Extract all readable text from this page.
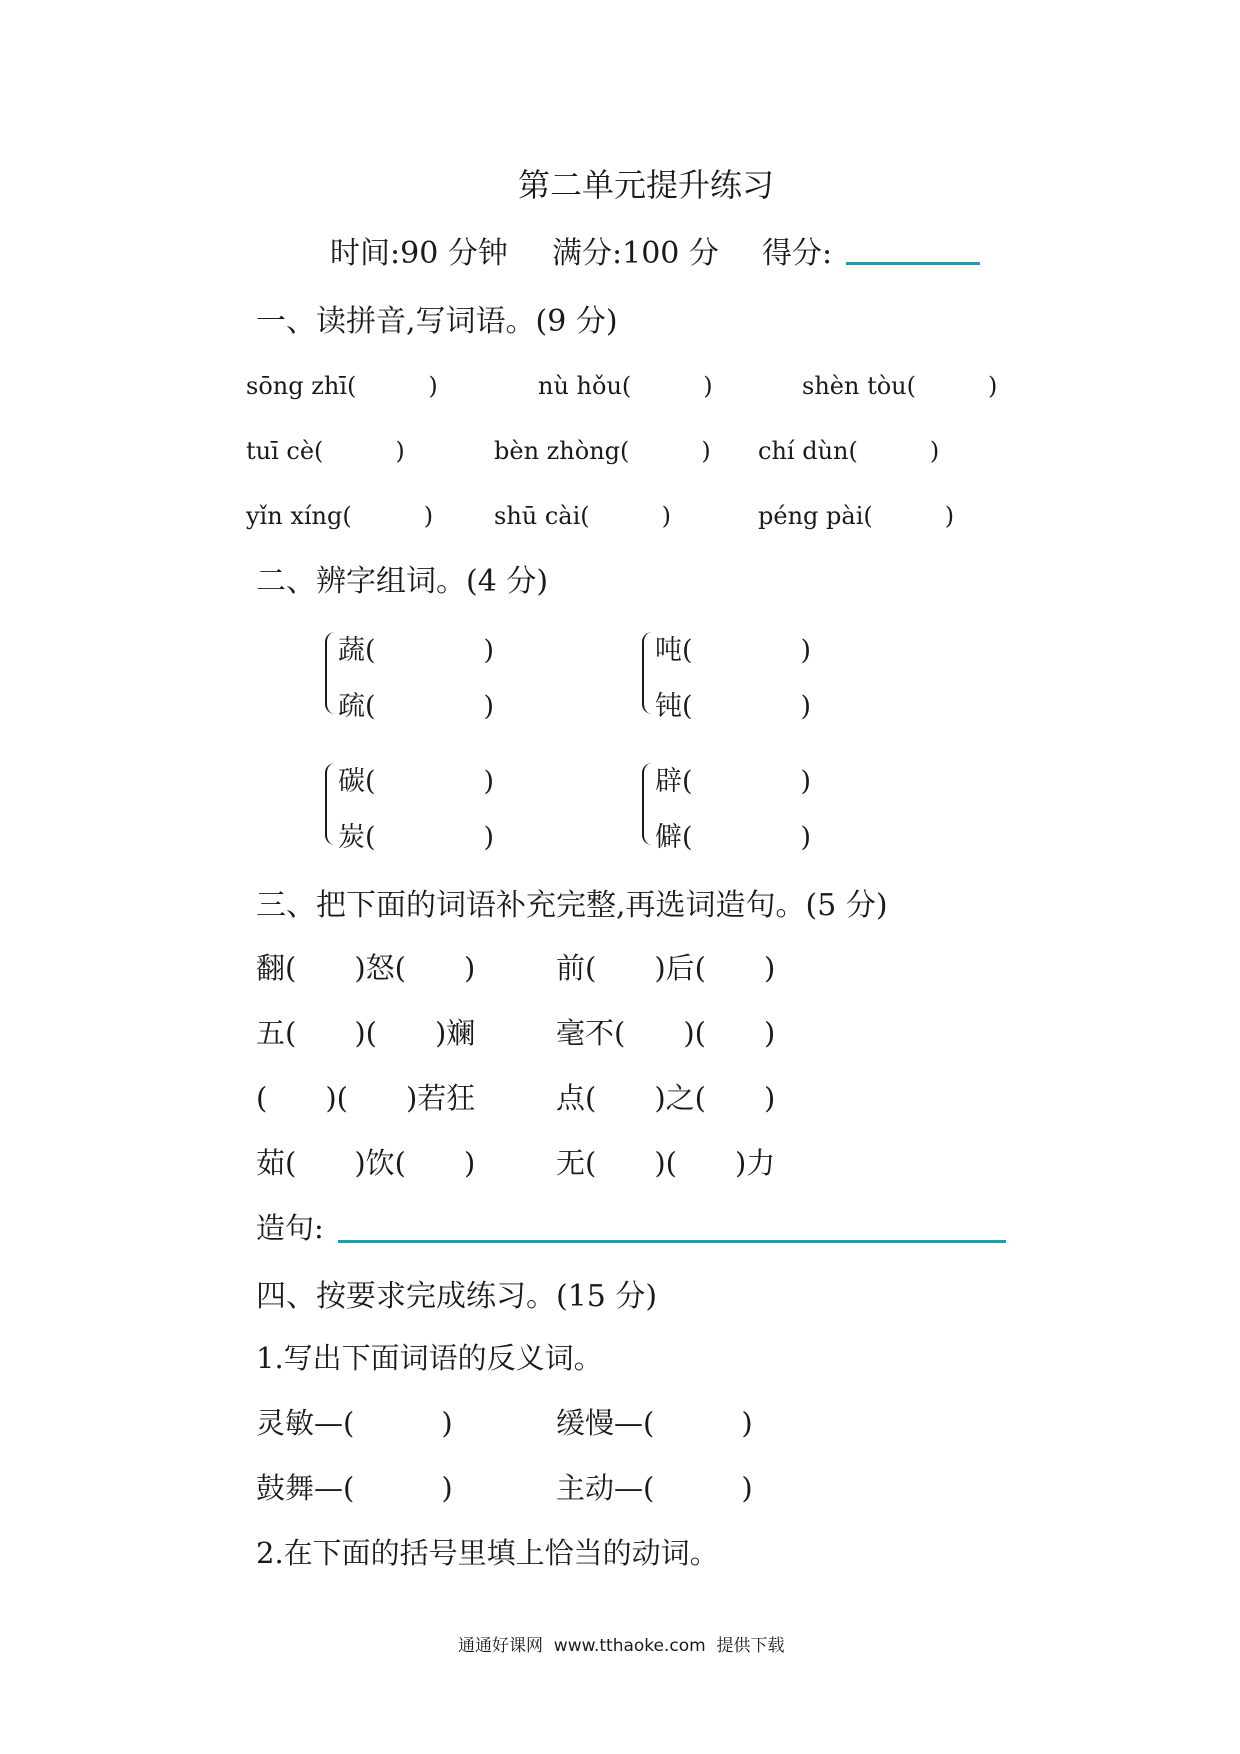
第二单元提升练习
时间:90 分钟 满分:100 分 得分:
一、读拼音,写词语。(9 分)
sōng zhī(　　　)	nù hǒu(　　　)	shèn tòu(　　　)
tuī cè(　　　)	bèn zhòng(　　　) chí dùn(　　　)
yǐn xíng(　　　)	shū cài(　　　)	péng pài(　　　)
二、辨字组词。(4 分)
蔬(　　　　)
疏(　　　　)
吨(　　　　)
钝(　　　　)
碳(　　　　)
炭(　　　　)
辟(　　　　)
僻(　　　　)
三、把下面的词语补充完整,再选词造句。(5 分)
翻(　　)怒(　　)	前(　　)后(　　)
五(　　)(　　)斓	毫不(　　)(　　)
(　　)(　　)若狂	点(　　)之(　　)
茹(　　)饮(　　)	无(　　)(　　)力
造句:
四、按要求完成练习。(15 分)
1.写出下面词语的反义词。
灵敏—(　　　)	缓慢—(　　　)
鼓舞—(　　　)	主动—(　　　)
2.在下面的括号里填上恰当的动词。
通通好课网  www.tthaoke.com  提供下载
